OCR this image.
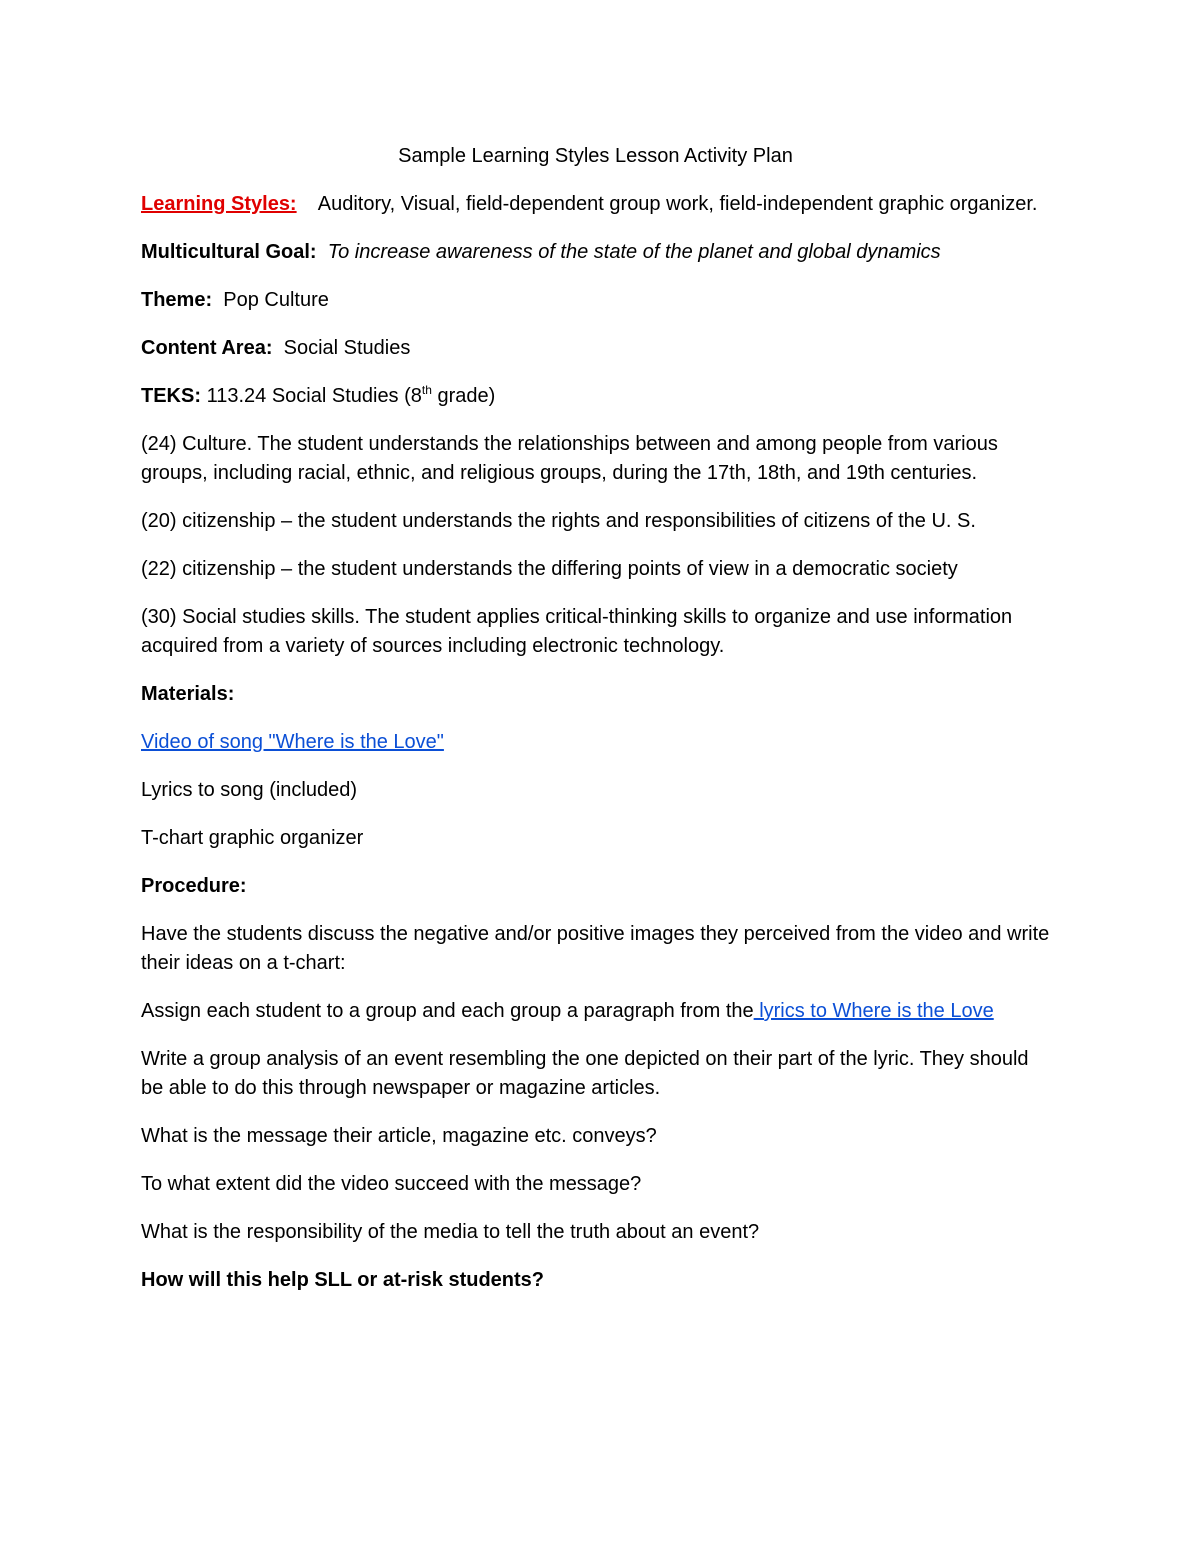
Sample Learning Styles Lesson Activity Plan

Learning Styles: Auditory, Visual, field-dependent group work, field-independent graphic organizer.

Multicultural Goal: To increase awareness of the state of the planet and global dynamics

Theme: Pop Culture

Content Area: Social Studies

TEKS: 113.24 Social Studies (8th grade)

(24) Culture. The student understands the relationships between and among people from various groups, including racial, ethnic, and religious groups, during the 17th, 18th, and 19th centuries.

(20) citizenship – the student understands the rights and responsibilities of citizens of the U. S.

(22) citizenship – the student understands the differing points of view in a democratic society

(30) Social studies skills. The student applies critical-thinking skills to organize and use information acquired from a variety of sources including electronic technology.

Materials:

Video of song "Where is the Love"

Lyrics to song (included)

T-chart graphic organizer

Procedure:

Have the students discuss the negative and/or positive images they perceived from the video and write their ideas on a t-chart:

Assign each student to a group and each group a paragraph from the lyrics to Where is the Love

Write a group analysis of an event resembling the one depicted on their part of the lyric. They should be able to do this through newspaper or magazine articles.

What is the message their article, magazine etc. conveys?

To what extent did the video succeed with the message?

What is the responsibility of the media to tell the truth about an event?

How will this help SLL or at-risk students?
